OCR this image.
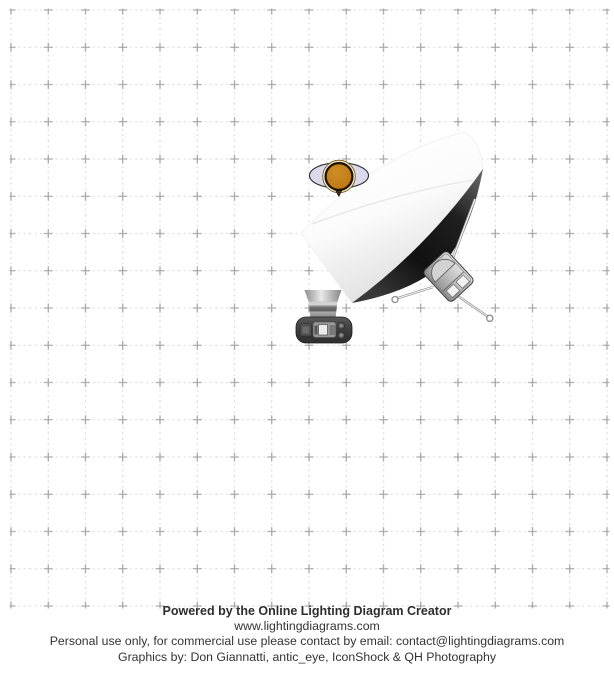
Powered by the Online Lighting Diagram Creator
www.lightingdiagrams.com
Personal use only, for commercial use please contact by email: contact@lightingdiagrams.com
Graphics by: Don Giannatti, antic_eye, IconShock & QH Photography
